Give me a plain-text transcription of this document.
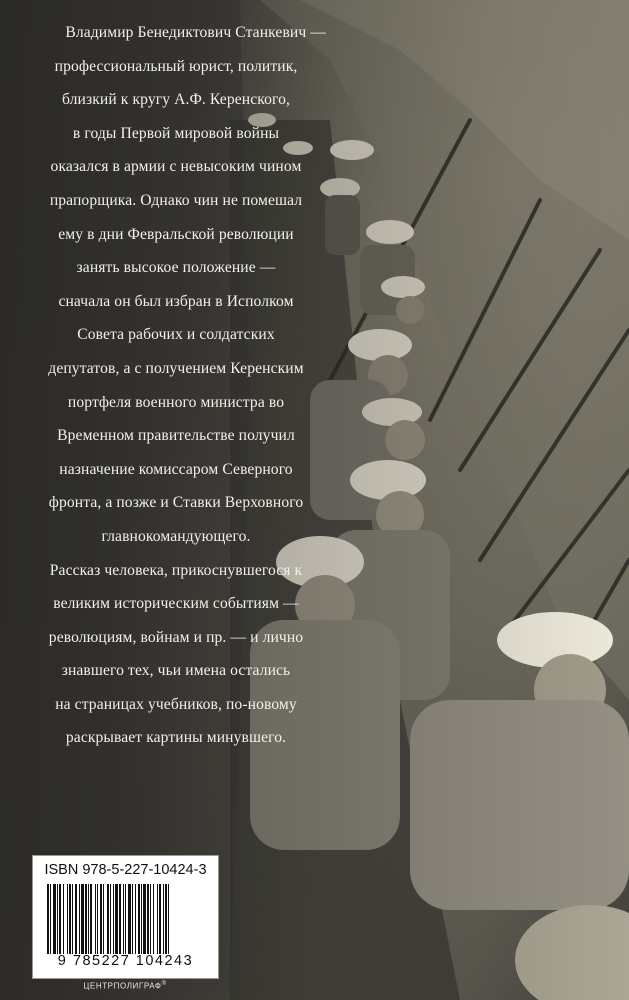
Владимир Бенедиктович Станкевич —
профессиональный юрист, политик,
близкий к кругу А.Ф. Керенского,
в годы Первой мировой войны
оказался в армии с невысоким чином
прапорщика. Однако чин не помешал
ему в дни Февральской революции
занять высокое положение —
сначала он был избран в Исполком
Совета рабочих и солдатских
депутатов, а с получением Керенским
портфеля военного министра во
Временном правительстве получил
назначение комиссаром Северного
фронта, а позже и Ставки Верховного
главнокомандующего.
Рассказ человека, прикоснувшегося к
великим историческим событиям —
революциям, войнам и пр. — и лично
знавшего тех, чьи имена остались
на страницах учебников, по-новому
раскрывает картины минувшего.

ISBN 978-5-227-10424-3
9 785227 104243
ЦЕНТРПОЛИГРАФ®
